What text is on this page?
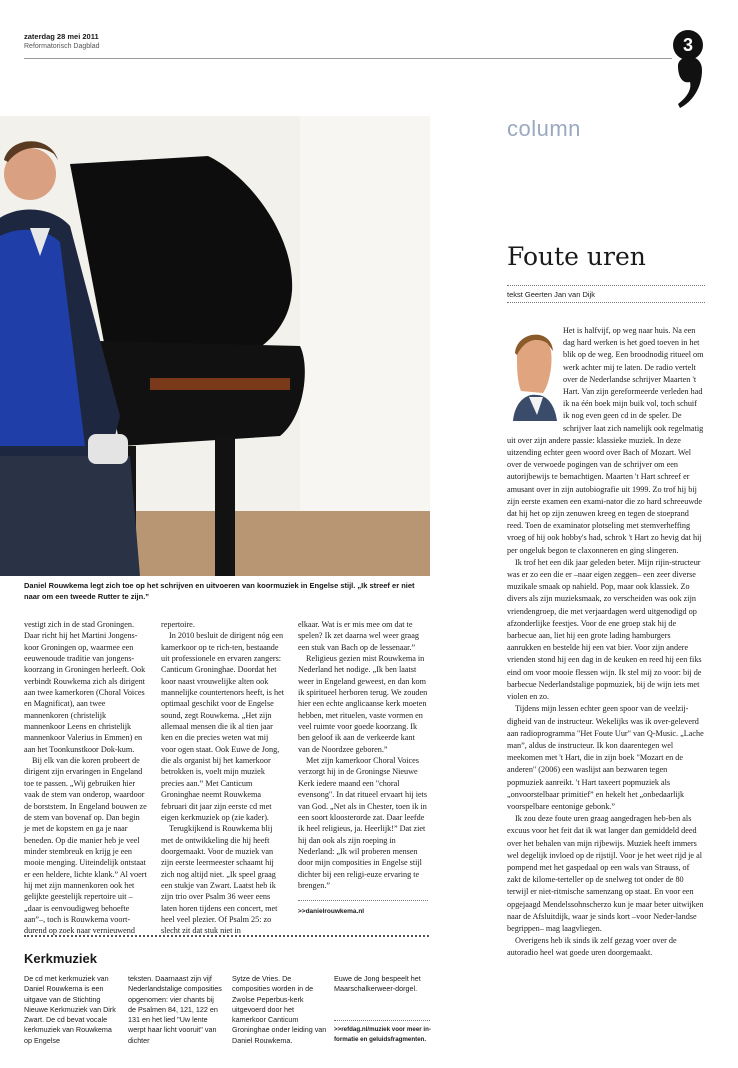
zaterdag 28 mei 2011
Reformatorisch Dagblad	3
column
Foute uren
tekst Geerten Jan van Dijk
Daniel Rouwkema legt zich toe op het schrijven en uitvoeren van koormuziek in Engelse stijl. „Ik streef er niet naar om een tweede Rutter te zijn.”

vestigt zich in de stad Groningen. Daar richt hij het Martini Jongens-koor Groningen op, waarmee een eeuwenoude traditie van jongens-koorzang in Groningen herleeft. Ook verbindt Rouwkema zich als dirigent aan twee kamerkoren (Choral Voices en Magnificat), aan twee mannenkoren (christelijk mannenkoor Leens en christelijk mannenkoor Valerius in Emmen) en aan het Toonkunstkoor Dok-kum.

Bij elk van die koren probeert de dirigent zijn ervaringen in Engeland toe te passen. „Wij gebruiken hier vaak de stem van onderop, waardoor de borststem. In Engeland bouwen ze de stem van bovenaf op. Dan begin je met de kopstem en ga je naar beneden. Op die manier heb je veel minder stembreuk en krijg je een mooie menging. Uiteindelijk ontstaat er een heldere, lichte klank.” Al voert hij met zijn mannenkoren ook het gelijkte geestelijk repertoire uit –„daar is eenvoudigweg behoefte aan”–, toch is Rouwkema voort-durend op zoek naar vernieuwend

repertoire.

In 2010 besluit de dirigent nóg een kamerkoor op te rich-ten, bestaande uit professionele en ervaren zangers: Canticum Groninghae. Doordat het koor naast vrouwelijke alten ook mannelijke countertenors heeft, is het optimaal geschikt voor de Engelse sound, zegt Rouwkema. „Het zijn allemaal mensen die ik al tien jaar ken en die precies weten wat mij voor ogen staat. Ook Euwe de Jong, die als organist bij het kamerkoor betrokken is, voelt mijn muziek precies aan.” Met Canticum Groninghae neemt Rouwkema februari dit jaar zijn eerste cd met eigen kerkmuziek op (zie kader).

Terugkijkend is Rouwkema blij met de ontwikkeling die hij heeft doorgemaakt. Voor de muziek van zijn eerste leermeester schaamt hij zich nog altijd niet. „Ik speel graag een stukje van Zwart. Laatst heb ik zijn trio over Psalm 36 weer eens laten horen tijdens een concert, met heel veel plezier. Of Psalm 25: zo slecht zit dat stuk niet in

elkaar. Wat is er mis mee om dat te spelen? Ik zet daarna wel weer graag een stuk van Bach op de lessenaar.”

Religieus gezien mist Rouwkema in Nederland het nodige. „Ik ben laatst weer in Engeland geweest, en dan kom ik spiritueel herboren terug. We zouden hier een echte anglicaanse kerk moeten hebben, met rituelen, vaste vormen en veel ruimte voor goede koorzang. Ik ben geloof ik aan de verkeerde kant van de Noordzee geboren.”

Met zijn kamerkoor Choral Voices verzorgt hij in de Groningse Nieuwe Kerk iedere maand een "choral evensong". In dat ritueel ervaart hij iets van God. „Net als in Chester, toen ik in een soort kloosterorde zat. Daar leefde ik heel religieus, ja. Heerlijk!” Dat ziet hij dan ook als zijn roeping in Nederland: „Ik wil proberen mensen door mijn composities in Engelse stijl dichter bij een religi-euze ervaring te brengen.”

>>danielrouwkema.nl

Het is halfvijf, op weg naar huis. Na een dag hard werken is het goed toeven in het blik op de weg. Een broodnodig ritueel om werk achter mij te laten. De radio vertelt over de Nederlandse schrijver Maarten 't Hart. Van zijn gereformeerde verleden had ik na één boek mijn buik vol, toch schuif ik nog even geen cd in de speler. De schrijver laat zich namelijk ook regelmatig uit over zijn andere passie: klassieke muziek. In deze uitzending echter geen woord over Bach of Mozart. Wel over de verwoede pogingen van de schrijver om een autorijbewijs te bemachtigen. Maarten 't Hart schreef er amusant over in zijn autobiografie uit 1999. Zo trof hij bij zijn eerste examen een exami-nator die zo hard schreeuwde dat hij het op zijn zenuwen kreeg en tegen de stoeprand reed. Toen de examinator plotseling met stemverheffing vroeg of hij ook hobby's had, schrok 't Hart zo hevig dat hij per ongeluk begon te claxonneren en ging slingeren.

Ik trof het een dik jaar geleden beter. Mijn rijin-structeur was er zo een die er –naar eigen zeggen– een zeer diverse muzikale smaak op nahield. Pop, maar ook klassiek. Zo divers als zijn muzieksmaak, zo verscheiden was ook zijn vriendengroep, die met verjaardagen werd uitgenodigd op afzonderlijke feestjes. Voor de ene groep stak hij de barbecue aan, liet hij een grote lading hamburgers aanrukken en bestelde hij een vat bier. Voor zijn andere vrienden stond hij een dag in de keuken en reed hij een fiks eind om voor mooie flessen wijn. Ik stel mij zo voor: bij de barbecue Nederlandstalige popmuziek, bij de wijn iets met violen en zo.

Tijdens mijn lessen echter geen spoor van de veelzij-digheid van de instructeur. Wekelijks was ik over-geleverd aan radioprogramma "Het Foute Uur" van Q-Music. „Lache man”, aldus de instructeur. Ik kon daarentegen wel meekomen met 't Hart, die in zijn boek "Mozart en de anderen" (2006) een waslijst aan bezwaren tegen popmuziek aanreikt. 't Hart taxeert popmuziek als „onvoorstelbaar primitief” en hekelt het „onbedaarlijk voorspelbare eentonige gebonk.”

Ik zou deze foute uren graag aangedragen heb-ben als excuus voor het feit dat ik wat langer dan gemiddeld deed over het behalen van mijn rijbewijs. Muziek heeft immers wel degelijk invloed op de rijstijl. Voor je het weet rijd je al pompend met het gaspedaal op een wals van Strauss, of zakt de kilome-terteller op de snelweg tot onder de 80 terwijl er niet-ritmische samenzang op staat. En voor een opgejaagd Mendelssohnscherzo kun je maar beter uitwijken naar de Afsluitdijk, waar je sinds kort –voor Neder-landse begrippen– mag laagvliegen.

Overigens heb ik sinds ik zelf gezag voer over de autoradio heel wat goede uren doorgemaakt.

Kerkmuziek
De cd met kerkmuziek van Daniel Rouwkema is een uitgave van de Stichting Nieuwe Kerkmuziek van Dirk Zwart. De cd bevat vocale kerkmuziek van Rouwkema op Engelse
teksten. Daarnaast zijn vijf Nederlandstalige composities opgenomen: vier chants bij de Psalmen 84, 121, 122 en 131 en het lied "Uw lente werpt haar licht vooruit" van dichter
Sytze de Vries. De composities worden in de Zwolse Peperbus-kerk uitgevoerd door het kamerkoor Canticum Groninghae onder leiding van Daniel Rouwkema.
Euwe de Jong bespeelt het Maarschalkerweer-dorgel.
>>refdag.nl/muziek voor meer in-formatie en geluidsfragmenten.
